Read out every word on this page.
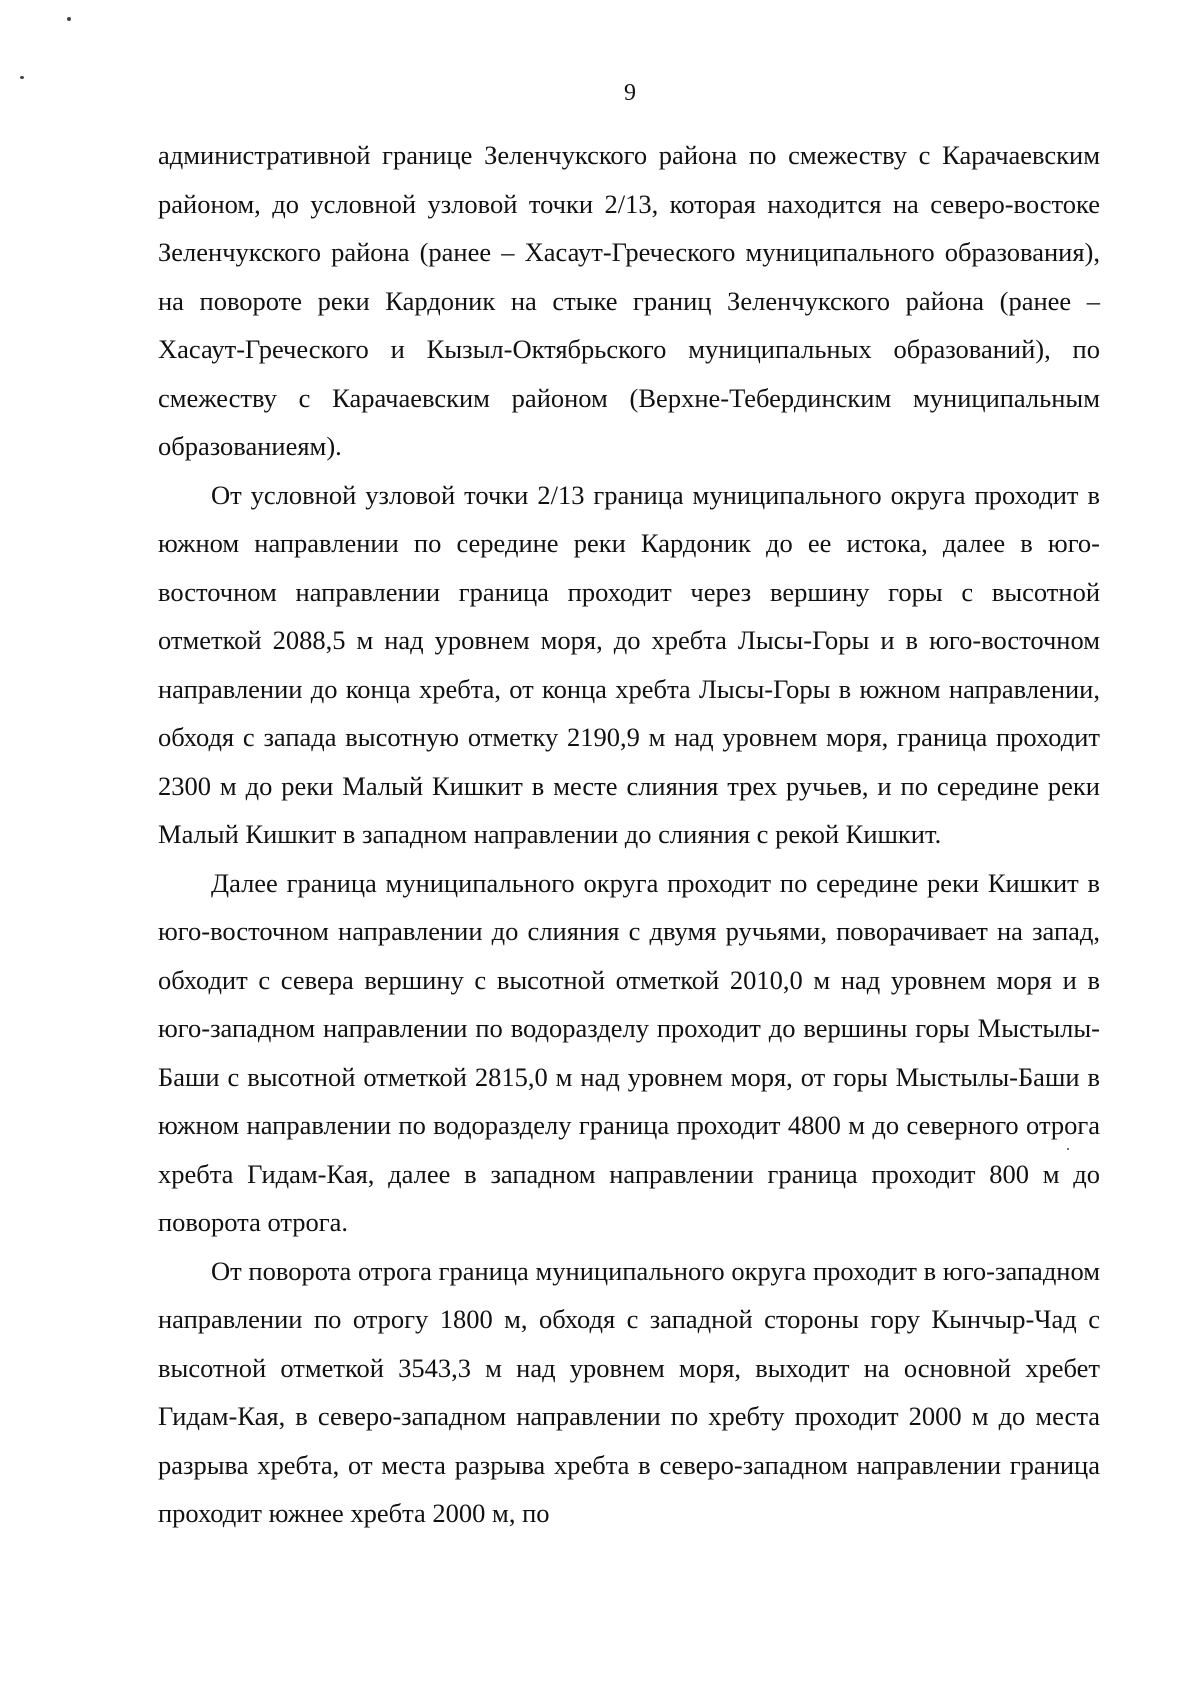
9

административной границе Зеленчукского района по смежеству с Карачаевским районом, до условной узловой точки 2/13, которая находится на северо-востоке Зеленчукского района (ранее – Хасаут-Греческого муниципального образования), на повороте реки Кардоник на стыке границ Зеленчукского района (ранее – Хасаут-Греческого и Кызыл-Октябрьского муниципальных образований), по смежеству с Карачаевским районом (Верхне-Тебердинским муниципальным образованиеям).

От условной узловой точки 2/13 граница муниципального округа проходит в южном направлении по середине реки Кардоник до ее истока, далее в юго-восточном направлении граница проходит через вершину горы с высотной отметкой 2088,5 м над уровнем моря, до хребта Лысы-Горы и в юго-восточном направлении до конца хребта, от конца хребта Лысы-Горы в южном направлении, обходя с запада высотную отметку 2190,9 м над уровнем моря, граница проходит 2300 м до реки Малый Кишкит в месте слияния трех ручьев, и по середине реки Малый Кишкит в западном направлении до слияния с рекой Кишкит.

Далее граница муниципального округа проходит по середине реки Кишкит в юго-восточном направлении до слияния с двумя ручьями, поворачивает на запад, обходит с севера вершину с высотной отметкой 2010,0 м над уровнем моря и в юго-западном направлении по водоразделу проходит до вершины горы Мыстылы-Баши с высотной отметкой 2815,0 м над уровнем моря, от горы Мыстылы-Баши в южном направлении по водоразделу граница проходит 4800 м до северного отрога хребта Гидам-Кая, далее в западном направлении граница проходит 800 м до поворота отрога.

От поворота отрога граница муниципального округа проходит в юго-западном направлении по отрогу 1800 м, обходя с западной стороны гору Кынчыр-Чад с высотной отметкой 3543,3 м над уровнем моря, выходит на основной хребет Гидам-Кая, в северо-западном направлении по хребту проходит 2000 м до места разрыва хребта, от места разрыва хребта в северо-западном направлении граница проходит южнее хребта 2000 м, по
